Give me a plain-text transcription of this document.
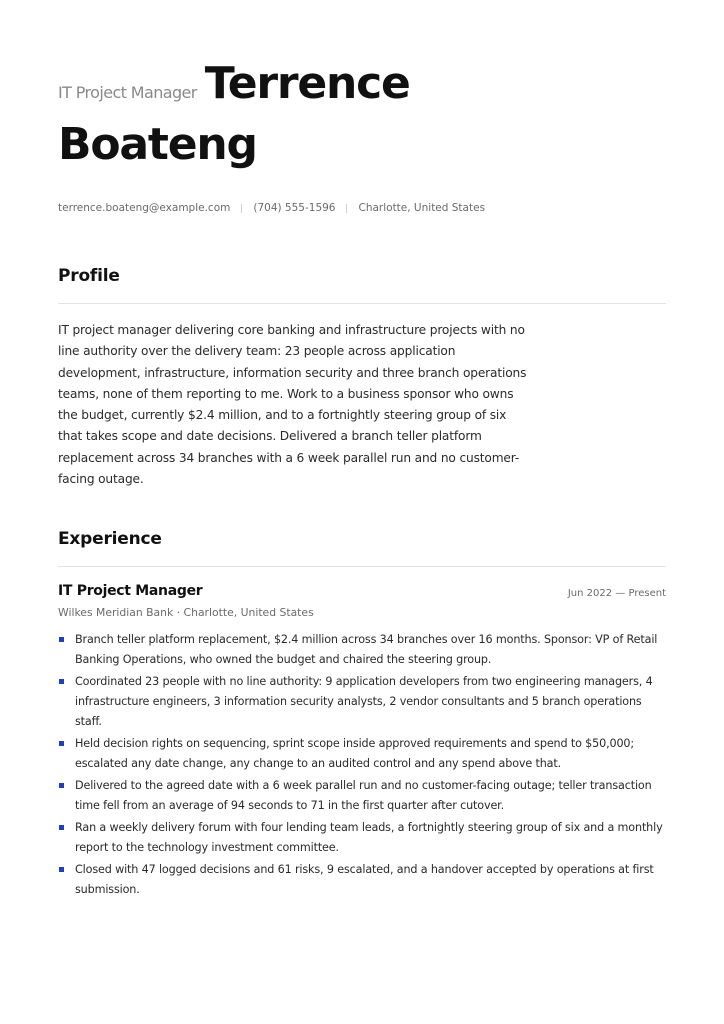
IT Project Manager Terrence
Boateng
terrence.boateng@example.com (704) 555-1596 Charlotte, United States
Profile
IT project manager delivering core banking and infrastructure projects with no line authority over the delivery team: 23 people across application development, infrastructure, information security and three branch operations teams, none of them reporting to me. Work to a business sponsor who owns the budget, currently $2.4 million, and to a fortnightly steering group of six that takes scope and date decisions. Delivered a branch teller platform replacement across 34 branches with a 6 week parallel run and no customer-facing outage.
Experience
IT Project Manager	Jun 2022 — Present
Wilkes Meridian Bank · Charlotte, United States
Branch teller platform replacement, $2.4 million across 34 branches over 16 months. Sponsor: VP of Retail Banking Operations, who owned the budget and chaired the steering group.
Coordinated 23 people with no line authority: 9 application developers from two engineering managers, 4 infrastructure engineers, 3 information security analysts, 2 vendor consultants and 5 branch operations staff.
Held decision rights on sequencing, sprint scope inside approved requirements and spend to $50,000; escalated any date change, any change to an audited control and any spend above that.
Delivered to the agreed date with a 6 week parallel run and no customer-facing outage; teller transaction time fell from an average of 94 seconds to 71 in the first quarter after cutover.
Ran a weekly delivery forum with four lending team leads, a fortnightly steering group of six and a monthly report to the technology investment committee.
Closed with 47 logged decisions and 61 risks, 9 escalated, and a handover accepted by operations at first submission.
